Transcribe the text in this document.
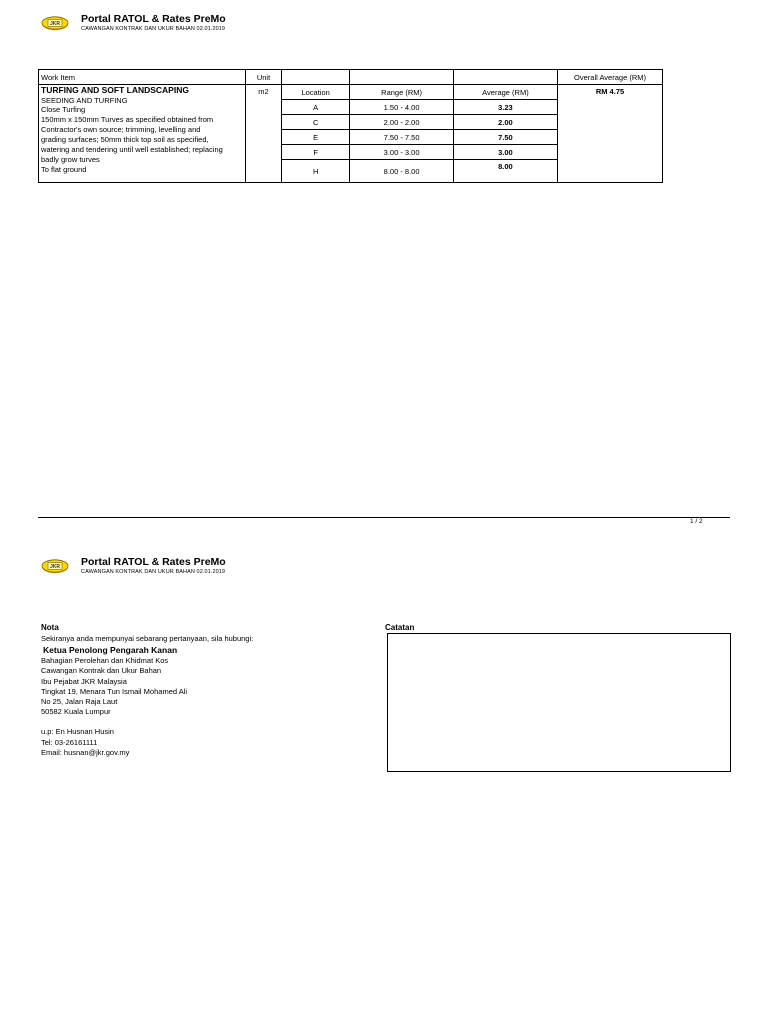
JKR Portal RATOL & Rates PreMo
CAWANGAN KONTRAK DAN UKUR BAHAN 02.01.2019
Work Item	Unit				Overall Average (RM)

TURFING AND SOFT LANDSCAPING
SEEDING AND TURFING
Close Turfing
150mm x 150mm Turves as specified obtained from
Contractor's own source; trimming, levelling and
grading surfaces; 50mm thick top soil as specified,
watering and tendering until well established; replacing
badly grow turves
To flat ground
	m2		Location	Range (RM)	Average (RM)
A	1.50 - 4.00	3.23
C	2.00 - 2.00	2.00
E	7.50 - 7.50	7.50
F	3.00 - 3.00	3.00
H	8.00 - 8.00	8.00
	RM 4.75
1 / 2
JKR Portal RATOL & Rates PreMo
CAWANGAN KONTRAK DAN UKUR BAHAN 02.01.2019
Nota
Sekiranya anda mempunyai sebarang pertanyaan, sila hubungi:
Ketua Penolong Pengarah Kanan
Bahagian Perolehan dan Khidmat Kos
Cawangan Kontrak dan Ukur Bahan
Ibu Pejabat JKR Malaysia
Tingkat 19, Menara Tun Ismail Mohamed Ali
No 25, Jalan Raja Laut
50582 Kuala Lumpur
u.p: En Husnan Husin
Tel: 03-26161111
Email: husnan@jkr.gov.my
Catatan
